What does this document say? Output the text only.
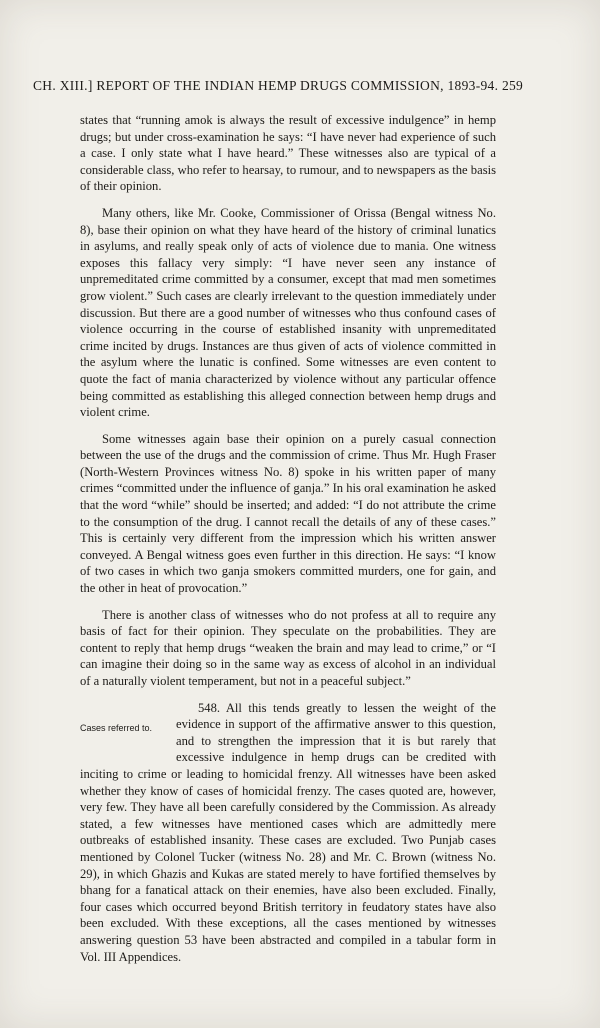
CH. XIII.] REPORT OF THE INDIAN HEMP DRUGS COMMISSION, 1893-94. 259

states that “running amok is always the result of excessive indulgence” in hemp drugs; but under cross-examination he says: “I have never had experience of such a case. I only state what I have heard.” These witnesses also are typical of a considerable class, who refer to hearsay, to rumour, and to newspapers as the basis of their opinion.

Many others, like Mr. Cooke, Commissioner of Orissa (Bengal witness No. 8), base their opinion on what they have heard of the history of criminal lunatics in asylums, and really speak only of acts of violence due to mania. One witness exposes this fallacy very simply: “I have never seen any instance of unpremeditated crime committed by a consumer, except that mad men sometimes grow violent.” Such cases are clearly irrelevant to the question immediately under discussion. But there are a good number of witnesses who thus confound cases of violence occurring in the course of established insanity with unpremeditated crime incited by drugs. Instances are thus given of acts of violence committed in the asylum where the lunatic is confined. Some witnesses are even content to quote the fact of mania characterized by violence without any particular offence being committed as establishing this alleged connection between hemp drugs and violent crime.

Some witnesses again base their opinion on a purely casual connection between the use of the drugs and the commission of crime. Thus Mr. Hugh Fraser (North-Western Provinces witness No. 8) spoke in his written paper of many crimes “committed under the influence of ganja.” In his oral examination he asked that the word “while” should be inserted; and added: “I do not attribute the crime to the consumption of the drug. I cannot recall the details of any of these cases.” This is certainly very different from the impression which his written answer conveyed. A Bengal witness goes even further in this direction. He says: “I know of two cases in which two ganja smokers committed murders, one for gain, and the other in heat of provocation.”

There is another class of witnesses who do not profess at all to require any basis of fact for their opinion. They speculate on the probabilities. They are content to reply that hemp drugs “weaken the brain and may lead to crime,” or “I can imagine their doing so in the same way as excess of alcohol in an individual of a naturally violent temperament, but not in a peaceful subject.”

Cases referred to.
548. All this tends greatly to lessen the weight of the evidence in support of the affirmative answer to this question, and to strengthen the impression that it is but rarely that excessive indulgence in hemp drugs can be credited with inciting to crime or leading to homicidal frenzy. All witnesses have been asked whether they know of cases of homicidal frenzy. The cases quoted are, however, very few. They have all been carefully considered by the Commission. As already stated, a few witnesses have mentioned cases which are admittedly mere outbreaks of established insanity. These cases are excluded. Two Punjab cases mentioned by Colonel Tucker (witness No. 28) and Mr. C. Brown (witness No. 29), in which Ghazis and Kukas are stated merely to have fortified themselves by bhang for a fanatical attack on their enemies, have also been excluded. Finally, four cases which occurred beyond British territory in feudatory states have also been excluded. With these exceptions, all the cases mentioned by witnesses answering question 53 have been abstracted and compiled in a tabular form in Vol. III Appendices.
